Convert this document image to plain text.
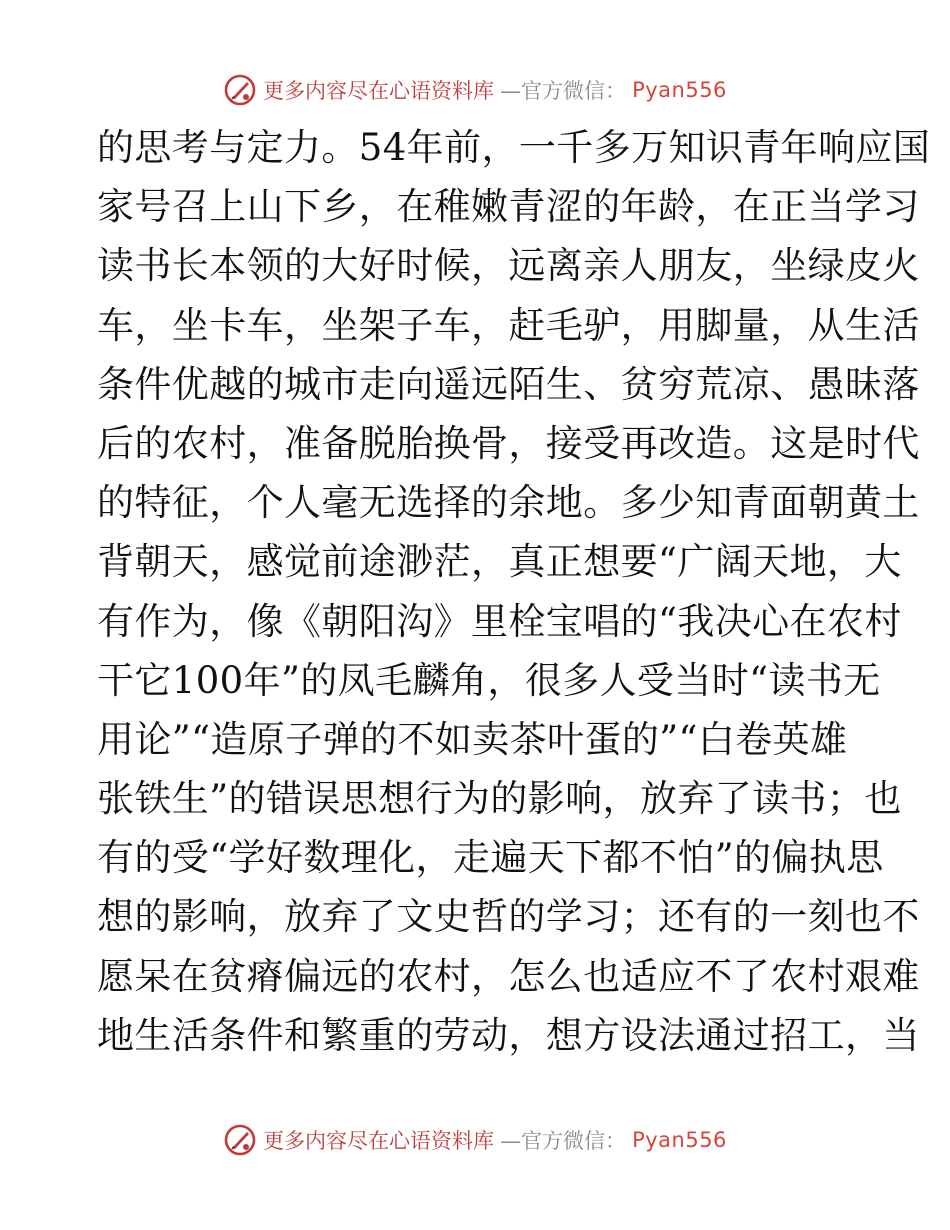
更多内容尽在心语资料库 —官方微信： Pyan556
的思考与定力。54年前，一千多万知识青年响应国
家号召上山下乡，在稚嫩青涩的年龄，在正当学习
读书长本领的大好时候，远离亲人朋友，坐绿皮火
车，坐卡车，坐架子车，赶毛驴，用脚量，从生活
条件优越的城市走向遥远陌生、贫穷荒凉、愚昧落
后的农村，准备脱胎换骨，接受再改造。这是时代
的特征，个人毫无选择的余地。多少知青面朝黄土
背朝天，感觉前途渺茫，真正想要“广阔天地，大
有作为，像《朝阳沟》里栓宝唱的“我决心在农村
干它100年”的凤毛麟角，很多人受当时“读书无
用论”“造原子弹的不如卖茶叶蛋的”“白卷英雄
张铁生”的错误思想行为的影响，放弃了读书；也
有的受“学好数理化，走遍天下都不怕”的偏执思
想的影响，放弃了文史哲的学习；还有的一刻也不
愿呆在贫瘠偏远的农村，怎么也适应不了农村艰难
地生活条件和繁重的劳动，想方设法通过招工，当
更多内容尽在心语资料库 —官方微信： Pyan556
